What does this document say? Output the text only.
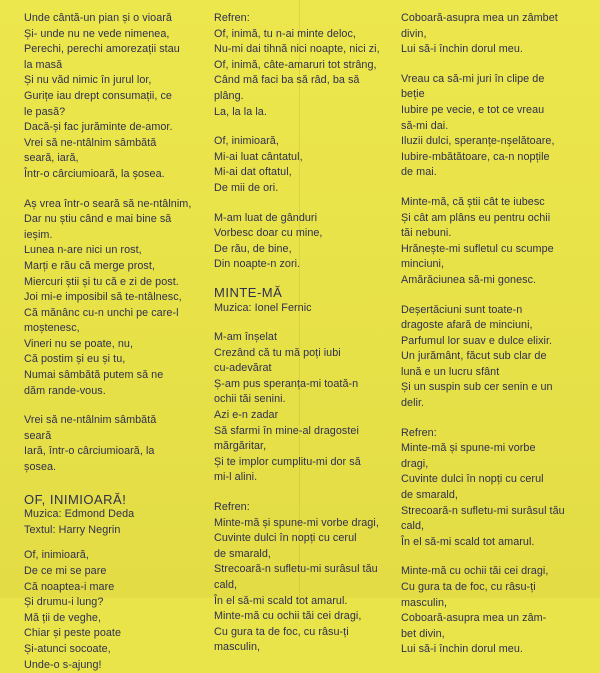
Unde cântă-un pian și o vioară
Și- unde nu ne vede nimenea,
Perechi, perechi amorezații stau
la masă
Și nu văd nimic în jurul lor,
Gurițe iau drept consumații, ce
le pasă?
Dacă-și fac jurăminte de-amor.
Vrei să ne-ntâlnim sâmbătă
seară, iară,
Într-o cârciumioară, la șosea.
Aș vrea într-o seară să ne-ntâlnim,
Dar nu știu când e mai bine să
ieșim.
Lunea n-are nici un rost,
Marți e rău că merge prost,
Miercuri știi și tu că e zi de post.
Joi mi-e imposibil să te-ntâlnesc,
Că mănânc cu-n unchi pe care-l
moștenesc,
Vineri nu se poate, nu,
Că postim și eu și tu,
Numai sâmbătă putem să ne
dăm rande-vous.
Vrei să ne-ntâlnim sâmbătă
seară
Iară, într-o cârciumioară, la
șosea.
OF, INIMIOARĂ!
Muzica: Edmond Deda
Textul: Harry Negrin
Of, inimioară,
De ce mi se pare
Că noaptea-i mare
Și drumu-i lung?
Mă ții de veghe,
Chiar și peste poate
Și-atunci socoate,
Unde-o s-ajung!
Refren:
Of, inimă, tu n-ai minte deloc,
Nu-mi dai tihnă nici noapte, nici zi,
Of, inimă, câte-amaruri tot strâng,
Când mă faci ba să râd, ba să
plâng.
La, la la la.
Of, inimioară,
Mi-ai luat cântatul,
Mi-ai dat oftatul,
De mii de ori.
M-am luat de gânduri
Vorbesc doar cu mine,
De rău, de bine,
Din noapte-n zori.
MINTE-MĂ
Muzica: Ionel Fernic
M-am înșelat
Crezând că tu mă poți iubi
cu-adevărat
Ș-am pus speranța-mi toată-n
ochii tăi senini.
Azi e-n zadar
Să sfarmi în mine-al dragostei
mărgăritar,
Și te implor cumplitu-mi dor să
mi-l alini.
Refren:
Minte-mă și spune-mi vorbe dragi,
Cuvinte dulci în nopți cu cerul
de smarald,
Strecoară-n sufletu-mi surâsul tău
cald,
În el să-mi scald tot amarul.
Minte-mă cu ochii tăi cei dragi,
Cu gura ta de foc, cu râsu-ți
masculin,
Coboară-asupra mea un zâmbet
divin,
Lui să-i închin dorul meu.
Vreau ca să-mi juri în clipe de
beție
Iubire pe vecie, e tot ce vreau
să-mi dai.
Iluzii dulci, speranțe-nșelătoare,
Iubire-mbătătoare, ca-n nopțile
de mai.
Minte-mă, că știi cât te iubesc
Și cât am plâns eu pentru ochii
tăi nebuni.
Hrănește-mi sufletul cu scumpe
minciuni,
Amărăciunea să-mi gonesc.
Deșertăciuni sunt toate-n
dragoste afară de minciuni,
Parfumul lor suav e dulce elixir.
Un jurământ, făcut sub clar de
lună e un lucru sfânt
Și un suspin sub cer senin e un
delir.
Refren:
Minte-mă și spune-mi vorbe
dragi,
Cuvinte dulci în nopți cu cerul
de smarald,
Strecoară-n sufletu-mi surâsul tău
cald,
În el să-mi scald tot amarul.
Minte-mă cu ochii tăi cei dragi,
Cu gura ta de foc, cu râsu-ți
masculin,
Coboară-asupra mea un zâm-
bet divin,
Lui să-i închin dorul meu.
